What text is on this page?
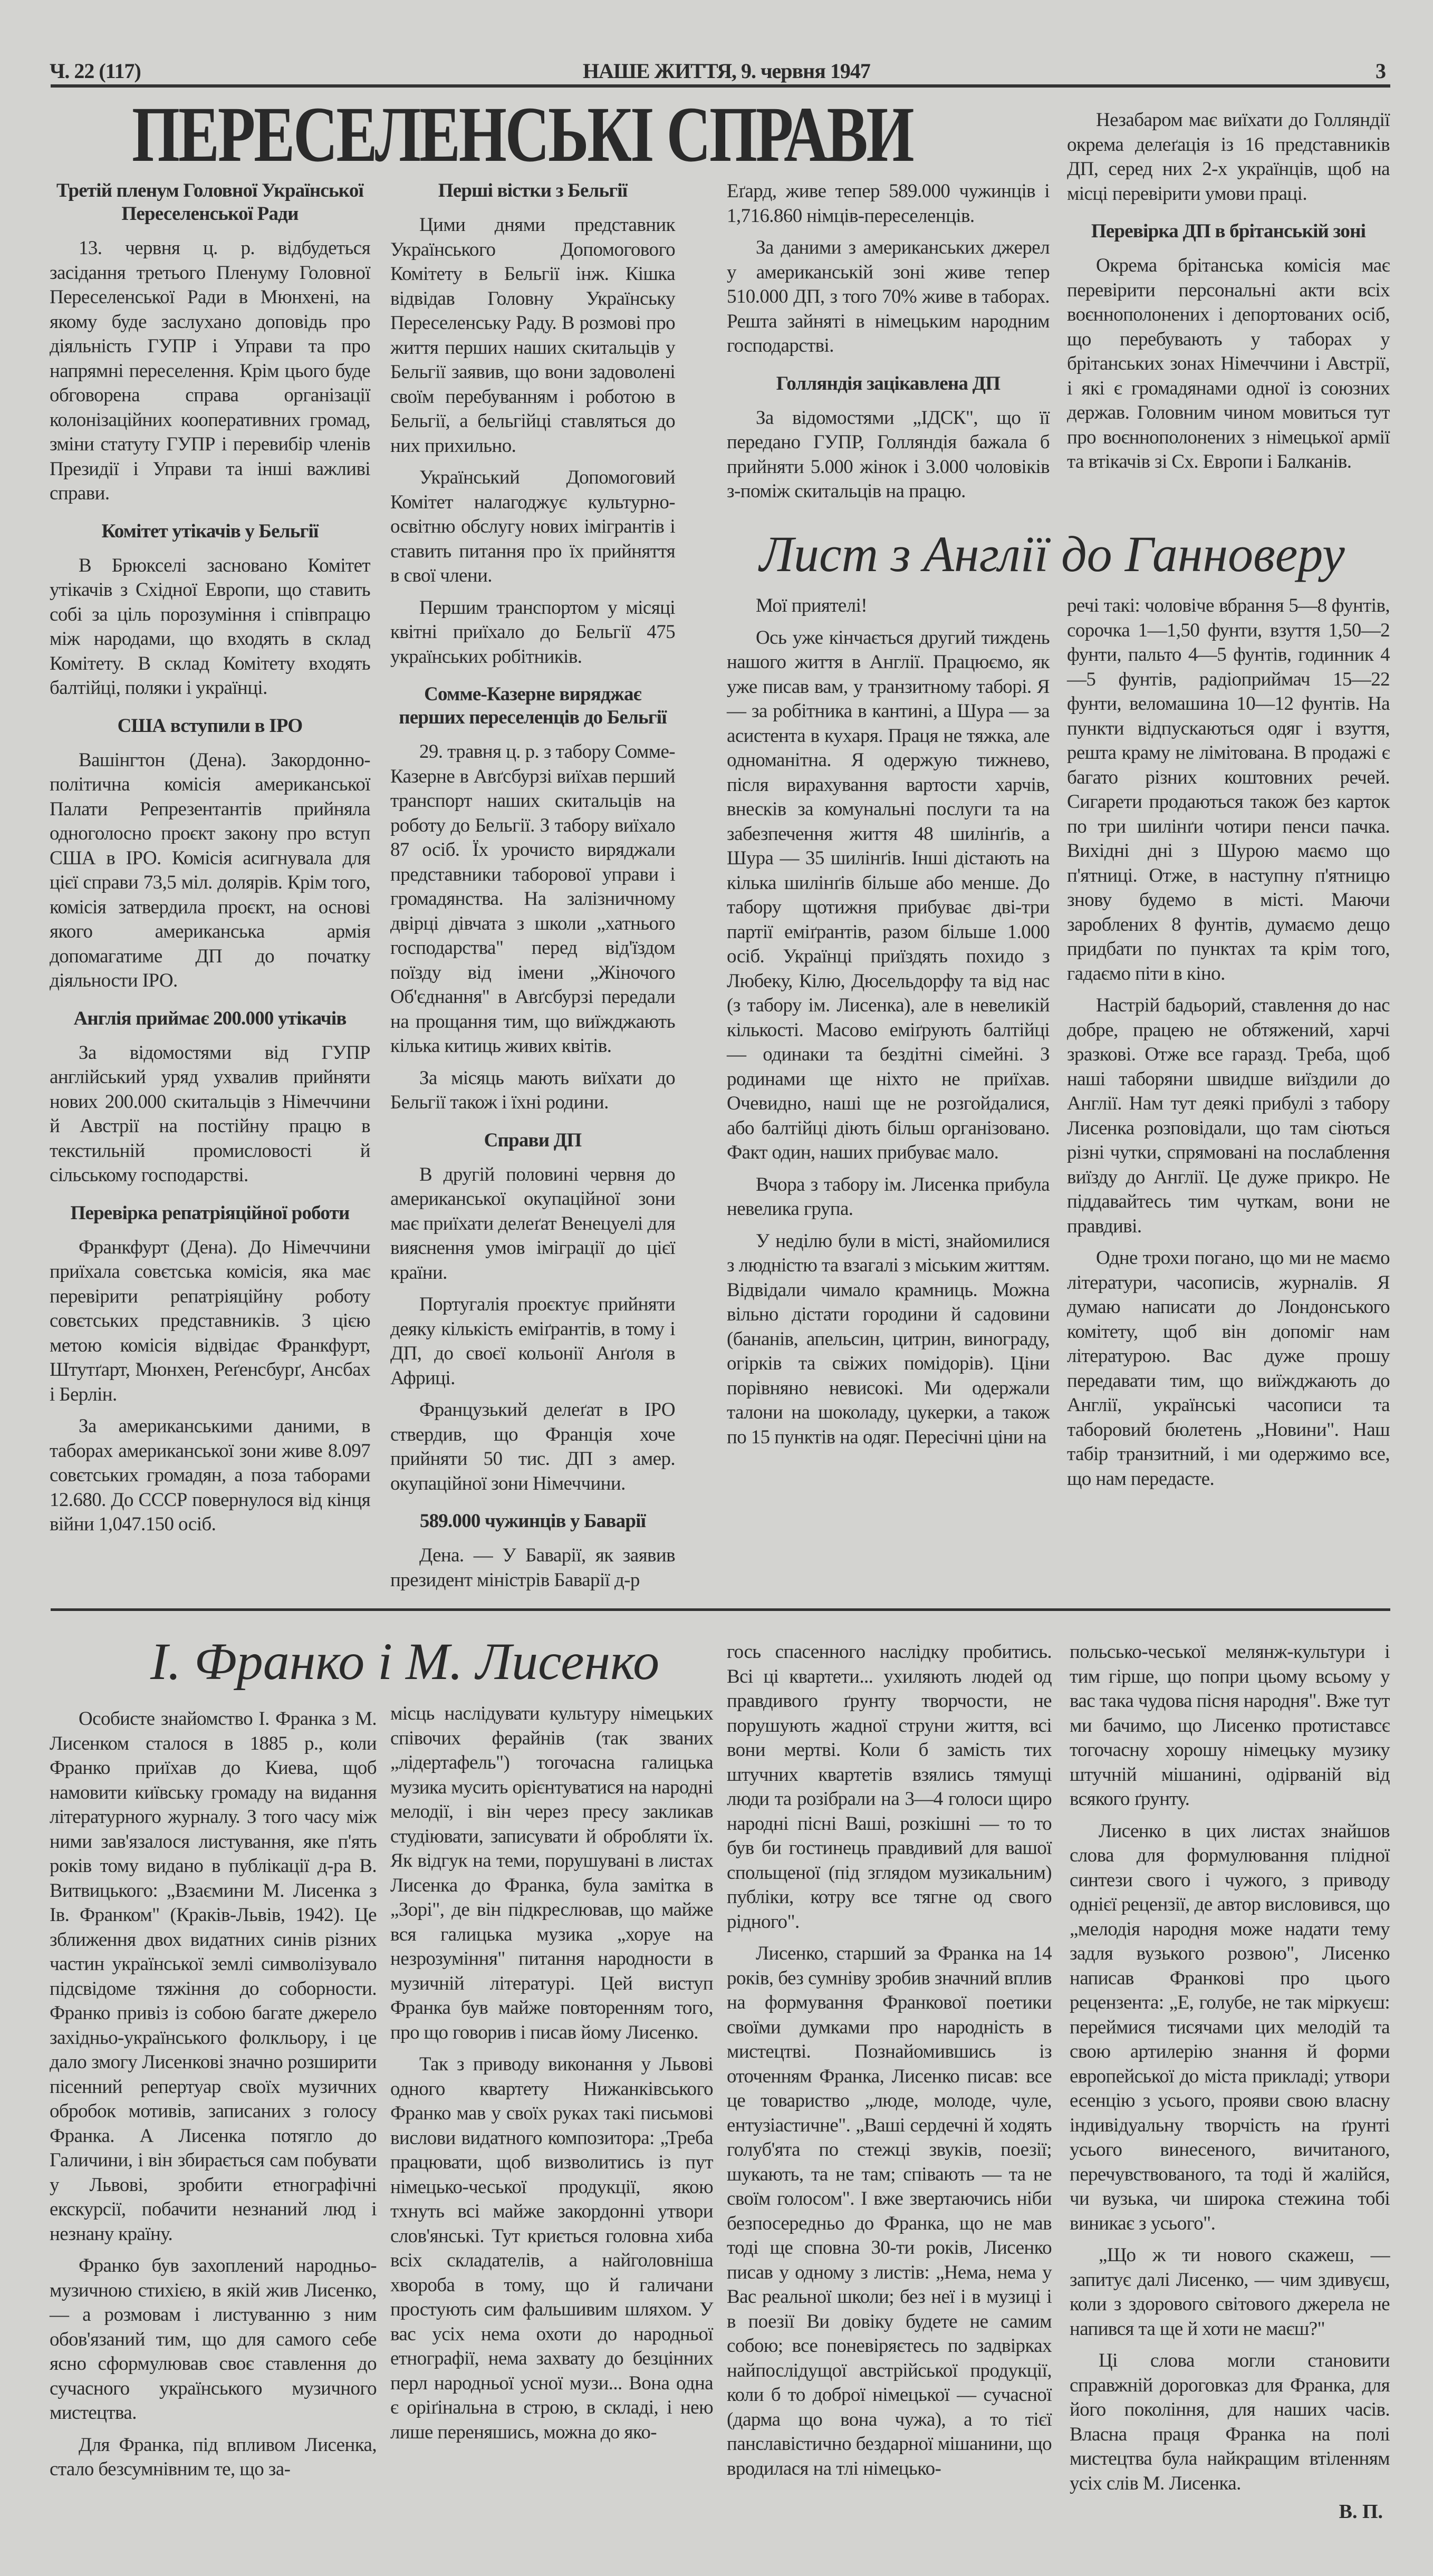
Ч. 22 (117)	НАШЕ ЖИТТЯ, 9. червня 1947	3
ПЕРЕСЕЛЕНСЬКІ СПРАВИ
Третій пленум Головної Української Переселенської Ради

13. червня ц. р. відбудеться засідання третього Пленуму Головної Переселенської Ради в Мюнхені, на якому буде заслухано доповідь про діяльність ГУПР і Управи та про напрямні переселення. Крім цього буде обговорена справа організації колонізаційних кооперативних громад, зміни статуту ГУПР і перевибір членів Президії і Управи та інші важливі справи.

Комітет утікачів у Бельгії

В Брюкселі засновано Комітет утікачів з Східної Европи, що ставить собі за ціль порозуміння і співпрацю між народами, що входять в склад Комітету. В склад Комітету входять балтійці, поляки і українці.

США вступили в ІРО

Вашінгтон (Дена). Закордонно-політична комісія американської Палати Репрезентантів прийняла одноголосно проєкт закону про вступ США в ІРО. Комісія асигнувала для цієї справи 73,5 міл. долярів. Крім того, комісія затвердила проєкт, на основі якого американська армія допомагатиме ДП до початку діяльности ІРО.

Англія приймає 200.000 утікачів

За відомостями від ГУПР англійський уряд ухвалив прийняти нових 200.000 скитальців з Німеччини й Австрії на постійну працю в текстильній промисловості й сільському господарстві.

Перевірка репатріяційної роботи

Франкфурт (Дена). До Німеччини приїхала совєтська комісія, яка має перевірити репатріяційну роботу совєтських представників. З цією метою комісія відвідає Франкфурт, Штутґарт, Мюнхен, Реґенсбурґ, Ансбах і Берлін.

За американськими даними, в таборах американської зони живе 8.097 совєтських громадян, а поза таборами 12.680. До СССР повернулося від кінця війни 1,047.150 осіб.

Перші вістки з Бельгії

Цими днями представник Українського Допомогового Комітету в Бельгії інж. Кішка відвідав Головну Українську Переселенську Раду. В розмові про життя перших наших скитальців у Бельгії заявив, що вони задоволені своїм перебуванням і роботою в Бельгії, а бельгійці ставляться до них прихильно.

Український Допомоговий Комітет налагоджує культурно-освітню обслугу нових імігрантів і ставить питання про їх прийняття в свої члени.

Першим транспортом у місяці квітні приїхало до Бельгії 475 українських робітників.

Сомме-Казерне виряджає перших переселенців до Бельгії

29. травня ц. р. з табору Сомме-Казерне в Авґсбурзі виїхав перший транспорт наших скитальців на роботу до Бельгії. З табору виїхало 87 осіб. Їх урочисто виряджали представники таборової управи і громадянства. На залізничному двірці дівчата з школи „хатнього господарства" перед від'їздом поїзду від імени „Жіночого Об'єднання" в Авґсбурзі передали на прощання тим, що виїжджають кілька китиць живих квітів.

За місяць мають виїхати до Бельгії також і їхні родини.

Справи ДП

В другій половині червня до американської окупаційної зони має приїхати делеґат Венецуелі для вияснення умов іміграції до цієї країни.

Португалія проєктує прийняти деяку кількість еміґрантів, в тому і ДП, до своєї кольонії Анґоля в Африці.

Французький делеґат в ІРО ствердив, що Франція хоче прийняти 50 тис. ДП з амер. окупаційної зони Німеччини.

589.000 чужинців у Баварії

Дена. — У Баварії, як заявив президент міністрів Баварії д-р

Еґард, живе тепер 589.000 чужинців і 1,716.860 німців-переселенців.

За даними з американських джерел у американській зоні живе тепер 510.000 ДП, з того 70% живе в таборах. Решта зайняті в німецьким народним господарстві.

Голляндія зацікавлена ДП

За відомостями „ІДСК", що її передано ГУПР, Голляндія бажала б прийняти 5.000 жінок і 3.000 чоловіків з-поміж скитальців на працю.

Незабаром має виїхати до Голляндії окрема делеґація із 16 представників ДП, серед них 2-х українців, щоб на місці перевірити умови праці.

Перевірка ДП в брітанській зоні

Окрема брітанська комісія має перевірити персональні акти всіх воєннополонених і депортованих осіб, що перебувають у таборах у брітанських зонах Німеччини і Австрії, і які є громадянами одної із союзних держав. Головним чином мовиться тут про воєннополонених з німецької армії та втікачів зі Сх. Европи і Балканів.

Лист з Англії до Ганноверу

Мої приятелі!

Ось уже кінчається другий тиждень нашого життя в Англії. Працюємо, як уже писав вам, у транзитному таборі. Я — за робітника в кантині, а Шура — за асистента в кухаря. Праця не тяжка, але одноманітна. Я одержую тижнево, після вирахування вартости харчів, внесків за комунальні послуги та на забезпечення життя 48 шилінґів, а Шура — 35 шилінґів. Інші дістають на кілька шилінґів більше або менше. До табору щотижня прибуває дві-три партії еміґрантів, разом більше 1.000 осіб. Українці приїздять похидо з Любеку, Кілю, Дюсельдорфу та від нас (з табору ім. Лисенка), але в невеликій кількості. Масово еміґрують балтійці — одинаки та бездітні сімейні. З родинами ще ніхто не приїхав. Очевидно, наші ще не розгойдалися, або балтійці діють більш організовано. Факт один, наших прибуває мало.

Вчора з табору ім. Лисенка прибула невелика група.

У неділю були в місті, знайомилися з людністю та взагалі з міським життям. Відвідали чимало крамниць. Можна вільно дістати городини й садовини (бананів, апельсин, цитрин, винограду, огірків та свіжих помідорів). Ціни порівняно невисокі. Ми одержали талони на шоколаду, цукерки, а також по 15 пунктів на одяг. Пересічні ціни на

речі такі: чоловіче вбрання 5—8 фунтів, сорочка 1—1,50 фунти, взуття 1,50—2 фунти, пальто 4—5 фунтів, годинник 4—5 фунтів, радіоприймач 15—22 фунти, веломашина 10—12 фунтів. На пункти відпускаються одяг і взуття, решта краму не лімітована. В продажі є багато різних коштовних речей. Сигарети продаються також без карток по три шилінґи чотири пенси пачка. Вихідні дні з Шурою маємо що п'ятниці. Отже, в наступну п'ятницю знову будемо в місті. Маючи зароблених 8 фунтів, думаємо дещо придбати по пунктах та крім того, гадаємо піти в кіно.

Настрій бадьорий, ставлення до нас добре, працею не обтяжений, харчі зразкові. Отже все гаразд. Треба, щоб наші таборяни швидше виїздили до Англії. Нам тут деякі прибулі з табору Лисенка розповідали, що там сіються різні чутки, спрямовані на послаблення виїзду до Англії. Це дуже прикро. Не піддавайтесь тим чуткам, вони не правдиві.

Одне трохи погано, що ми не маємо літератури, часописів, журналів. Я думаю написати до Лондонського комітету, щоб він допоміг нам літературою. Вас дуже прошу передавати тим, що виїжджають до Англії, українські часописи та таборовий бюлетень „Новини". Наш табір транзитний, і ми одержимо все, що нам передасте.

І. Франко і М. Лисенко

Особисте знайомство І. Франка з М. Лисенком сталося в 1885 р., коли Франко приїхав до Киева, щоб намовити київську громаду на видання літературного журналу. З того часу між ними зав'язалося листування, яке п'ять років тому видано в публікації д-ра В. Витвицького: „Взаємини М. Лисенка з Ів. Франком" (Краків-Львів, 1942). Це зближення двох видатних синів різних частин української землі символізувало підсвідоме тяжіння до соборности. Франко привіз із собою багате джерело західньо-українського фолкльору, і це дало змогу Лисенкові значно розширити пісенний репертуар своїх музичних обробок мотивів, записаних з голосу Франка. А Лисенка потягло до Галичини, і він збирається сам побувати у Львові, зробити етнографічні екскурсії, побачити незнаний люд і незнану країну.

Франко був захоплений народньо-музичною стихією, в якій жив Лисенко, — а розмовам і листуванню з ним обов'язаний тим, що для самого себе ясно сформулював своє ставлення до сучасного українського музичного мистецтва.

Для Франка, під впливом Лисенка, стало безсумнівним те, що за-

місць наслідувати культуру німецьких співочих ферайнів (так званих „лідертафель") тогочасна галицька музика мусить орієнтуватися на народні мелодії, і він через пресу закликав студіювати, записувати й обробляти їх. Як відгук на теми, порушувані в листах Лисенка до Франка, була замітка в „Зорі", де він підкреслював, що майже вся галицька музика „хоруе на незрозуміння" питання народности в музичній літературі. Цей виступ Франка був майже повторенням того, про що говорив і писав йому Лисенко.

Так з приводу виконання у Львові одного квартету Нижанківського Франко мав у своїх руках такі письмові вислови видатного композитора: „Треба працювати, щоб визволитись із пут німецько-чеської продукції, якою тхнуть всі майже закордонні утвори слов'янські. Тут криється головна хиба всіх складателів, а найголовніша хвороба в тому, що й галичани простують сим фальшивим шляхом. У вас усіх нема охоти до народньої етнографії, нема захвату до безцінних перл народньої усної музи... Вона одна є оріґінальна в строю, в складі, і нею лише переняшись, можна до яко-

гось спасенного наслідку пробитись. Всі ці квартети... ухиляють людей од правдивого ґрунту творчости, не порушують жадної струни життя, всі вони мертві. Коли б замість тих штучних квартетів взялись тямущі люди та розібрали на 3—4 голоси щиро народні пісні Ваші, розкішні — то то був би гостинець правдивий для вашої спольщеної (під зглядом музикальним) публіки, котру все тягне од свого рідного".

Лисенко, старший за Франка на 14 років, без сумніву зробив значний вплив на формування Франкової поетики своїми думками про народність в мистецтві. Познайомившись із оточенням Франка, Лисенко писав: все це товариство „люде, молоде, чуле, ентузіастичне". „Ваші сердечні й ходять голуб'ята по стежці звуків, поезії; шукають, та не там; співають — та не своїм голосом". І вже звертаючись ніби безпосередньо до Франка, що не мав тоді ще сповна 30-ти років, Лисенко писав у одному з листів: „Нема, нема у Вас реальної школи; без неї і в музиці і в поезії Ви довіку будете не самим собою; все поневіряєтесь по задвірках найпослідущої австрійської продукції, коли б то доброї німецької — сучасної (дарма що вона чужа), а то тієї панславістично бездарної мішанини, що вродилася на тлі німецько-

польсько-чеської мелянж-культури і тим гірше, що попри цьому всьому у вас така чудова пісня народня". Вже тут ми бачимо, що Лисенко протиставсє тогочасну хорошу німецьку музику штучній мішанині, одірваній від всякого ґрунту.

Лисенко в цих листах знайшов слова для формулювання плідної синтези свого і чужого, з приводу однієї рецензії, де автор висловився, що „мелодія народня може надати тему задля вузького розвою", Лисенко написав Франкові про цього рецензента: „Е, голубе, не так міркуєш: переймися тисячами цих мелодій та свою артилерію знання й форми европейської до міста прикладі; утвори есенцію з усього, прояви свою власну індивідуальну творчість на ґрунті усього винесеного, вичитаного, перечувствованого, та тоді й жалійся, чи вузька, чи широка стежина тобі виникає з усього".

„Що ж ти нового скажеш, — запитує далі Лисенко, — чим здивуєш, коли з здорового світового джерела не напився та ще й хоти не маєш?"

Ці слова могли становити справжній дороговказ для Франка, для його покоління, для наших часів. Власна праця Франка на полі мистецтва була найкращим втіленням усіх слів М. Лисенка.

В. П.
